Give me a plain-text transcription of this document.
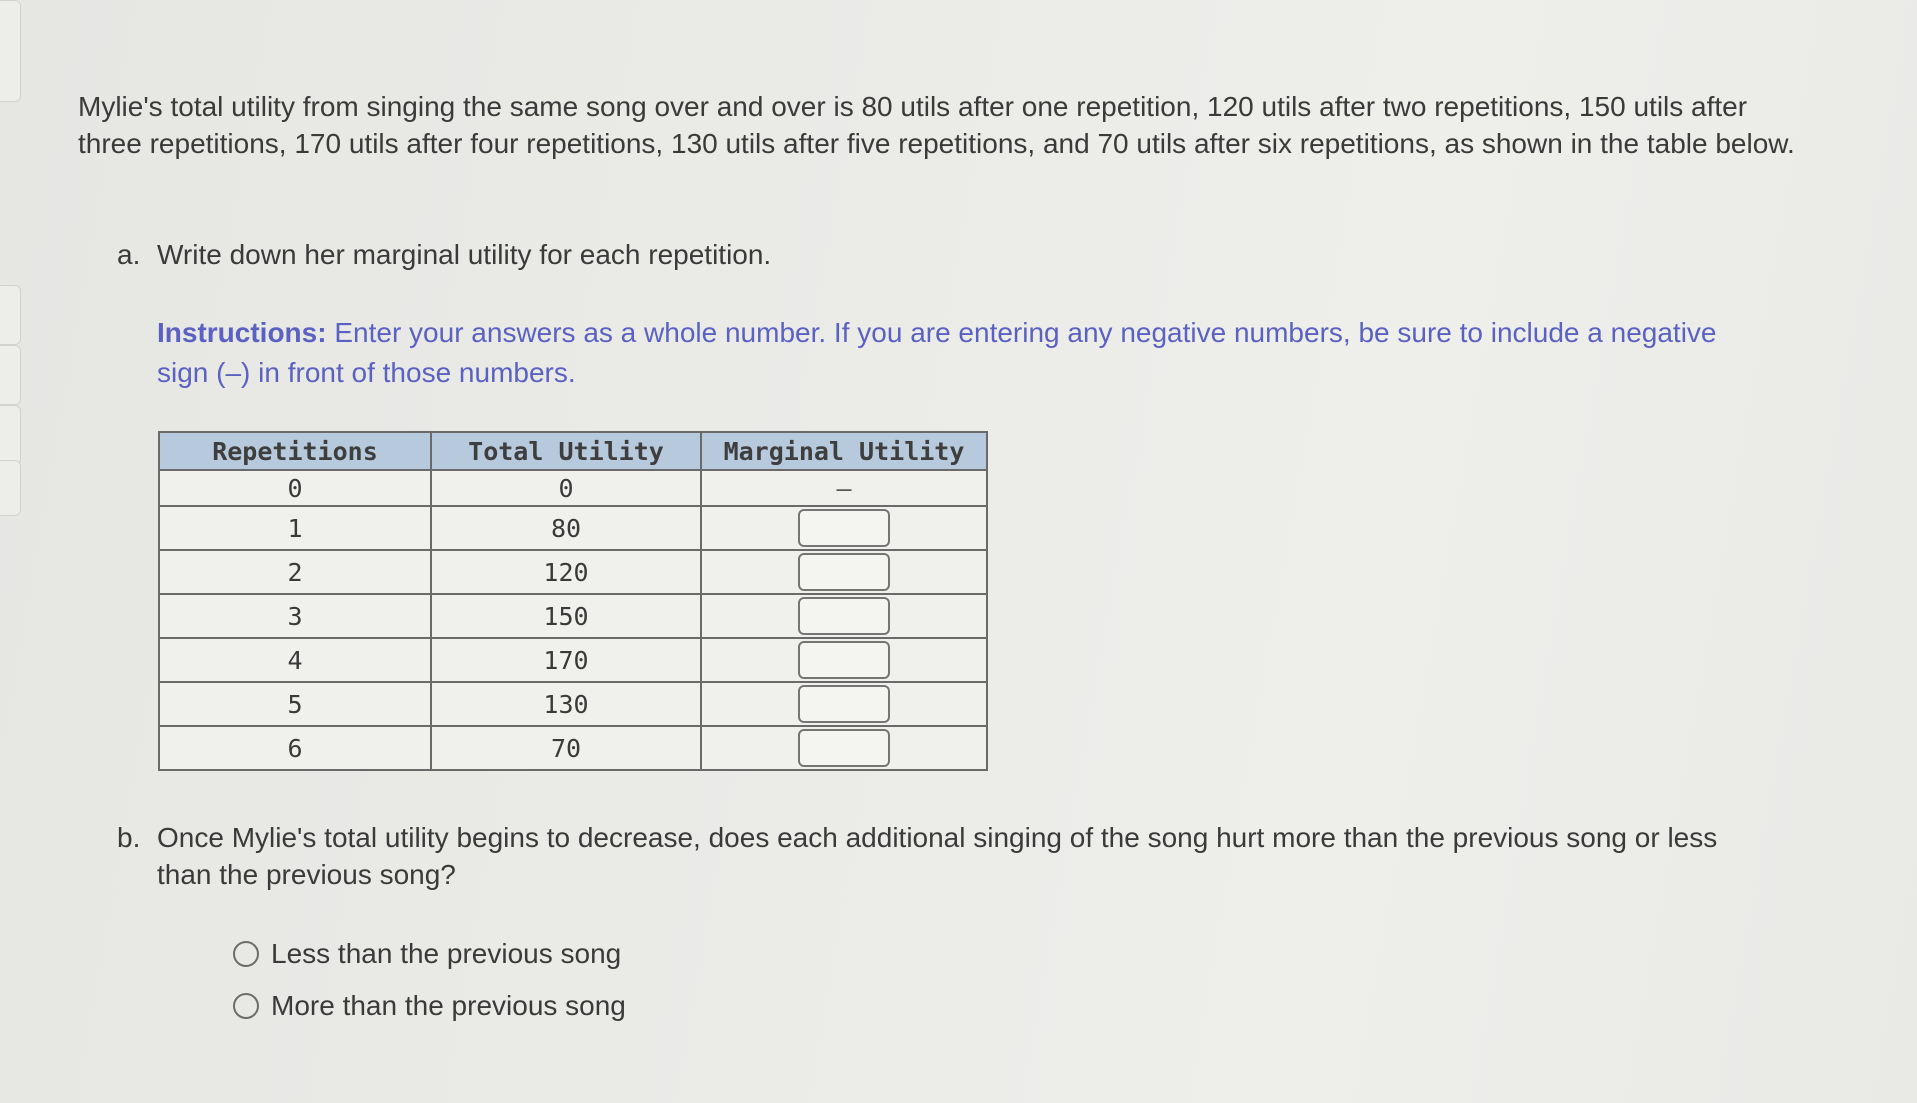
Mylie's total utility from singing the same song over and over is 80 utils after one repetition, 120 utils after two repetitions, 150 utils after three repetitions, 170 utils after four repetitions, 130 utils after five repetitions, and 70 utils after six repetitions, as shown in the table below.
a. Write down her marginal utility for each repetition.
Instructions: Enter your answers as a whole number. If you are entering any negative numbers, be sure to include a negative sign (–) in front of those numbers.
Repetitions	Total Utility	Marginal Utility
0	0	–
1	80	
2	120	
3	150	
4	170	
5	130	
6	70	
b. Once Mylie's total utility begins to decrease, does each additional singing of the song hurt more than the previous song or less than the previous song?
Less than the previous song
More than the previous song
